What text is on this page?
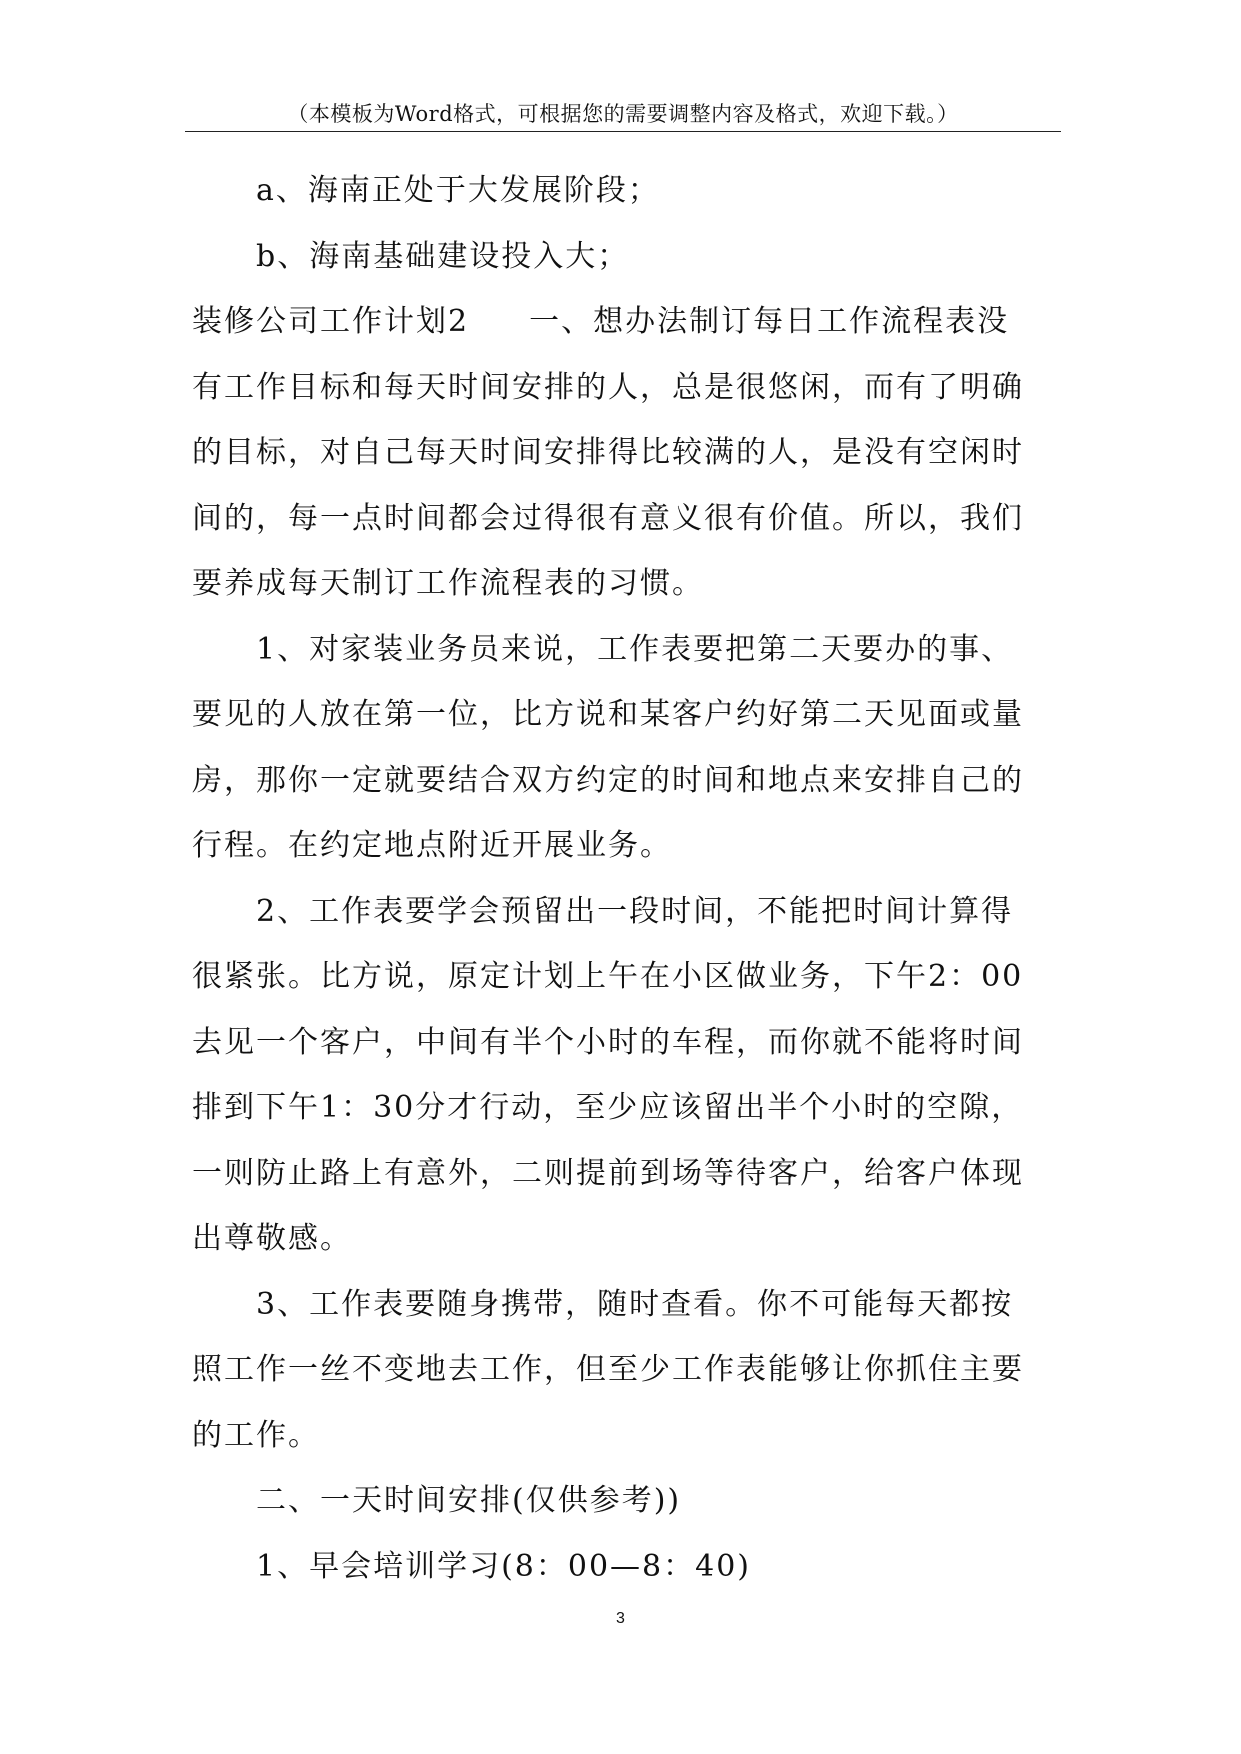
（本模板为Word格式，可根据您的需要调整内容及格式，欢迎下载。）
a、海南正处于大发展阶段；
b、海南基础建设投入大；
装修公司工作计划2 一、想办法制订每日工作流程表没
有工作目标和每天时间安排的人，总是很悠闲，而有了明确
的目标，对自己每天时间安排得比较满的人，是没有空闲时
间的，每一点时间都会过得很有意义很有价值。所以，我们
要养成每天制订工作流程表的习惯。
1、对家装业务员来说，工作表要把第二天要办的事、
要见的人放在第一位，比方说和某客户约好第二天见面或量
房，那你一定就要结合双方约定的时间和地点来安排自己的
行程。在约定地点附近开展业务。
2、工作表要学会预留出一段时间，不能把时间计算得
很紧张。比方说，原定计划上午在小区做业务，下午2：00
去见一个客户，中间有半个小时的车程，而你就不能将时间
排到下午1：30分才行动，至少应该留出半个小时的空隙，
一则防止路上有意外，二则提前到场等待客户，给客户体现
出尊敬感。
3、工作表要随身携带，随时查看。你不可能每天都按
照工作一丝不变地去工作，但至少工作表能够让你抓住主要
的工作。
二、一天时间安排(仅供参考))
1、早会培训学习(8：00—8：40)
3
